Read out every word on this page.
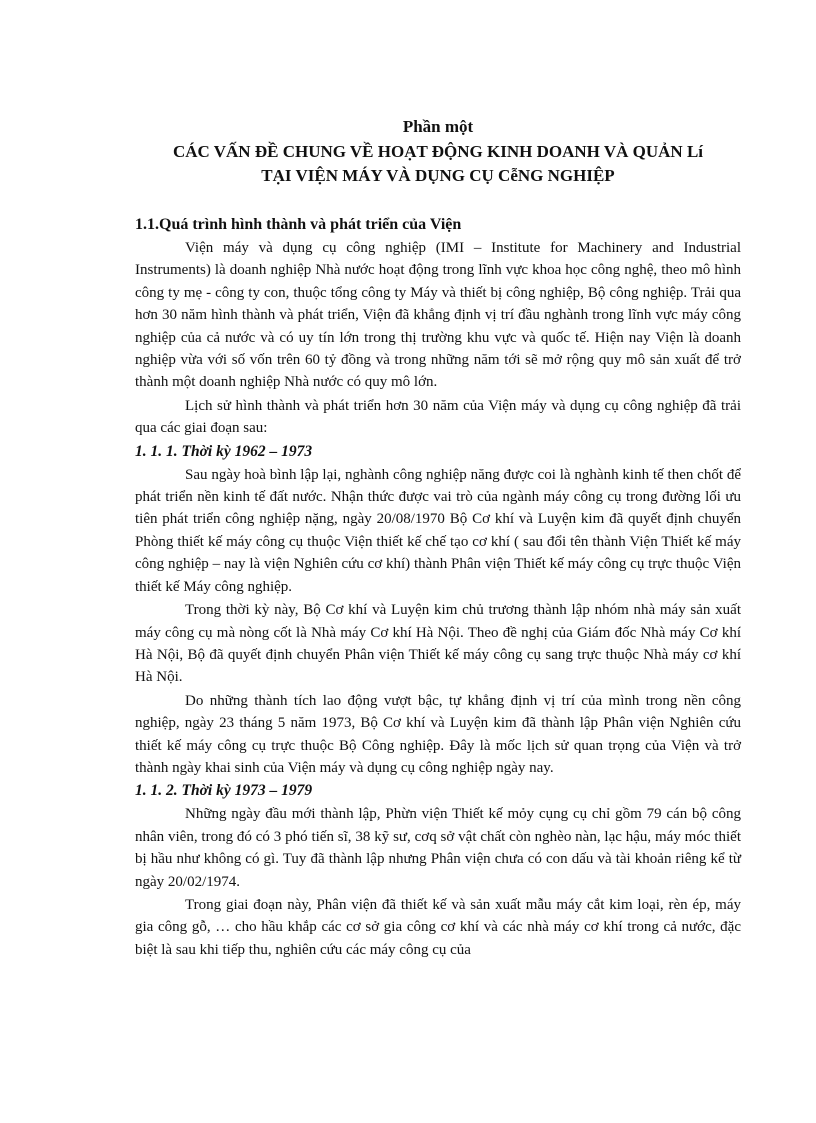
Phần một
CÁC VẤN ĐỀ CHUNG VỀ HOẠT ĐỘNG KINH DOANH VÀ QUẢN Lí
TẠI VIỆN MÁY VÀ DỤNG CỤ CễNG NGHIỆP
1.1.Quá trình hình thành và phát triển của Viện

Viện máy và dụng cụ công nghiệp (IMI – Institute for Machinery and Industrial Instruments) là doanh nghiệp Nhà nước hoạt động trong lĩnh vực khoa học công nghệ, theo mô hình công ty mẹ - công ty con, thuộc tổng công ty Máy và thiết bị công nghiệp, Bộ công nghiệp. Trải qua hơn 30 năm hình thành và phát triển, Viện đã khẳng định vị trí đầu nghành trong lĩnh vực máy công nghiệp của cả nước và có uy tín lớn trong thị trường khu vực và quốc tế. Hiện nay Viện là doanh nghiệp vừa với số vốn trên 60 tỷ đồng và trong những năm tới sẽ mở rộng quy mô sản xuất để trở thành một doanh nghiệp Nhà nước có quy mô lớn.

Lịch sử hình thành và phát triển hơn 30 năm của Viện máy và dụng cụ công nghiệp đã trải qua các giai đoạn sau:

1. 1. 1. Thời kỳ 1962 – 1973

Sau ngày hoà bình lập lại, nghành công nghiệp năng được coi là nghành kinh tế then chốt để phát triển nền kinh tế đất nước. Nhận thức được vai trò của ngành máy công cụ trong đường lối ưu tiên phát triển công nghiệp nặng, ngày 20/08/1970 Bộ Cơ khí và Luyện kim đã quyết định chuyển Phòng thiết kế máy công cụ thuộc Viện thiết kế chế tạo cơ khí ( sau đổi tên thành Viện Thiết kế máy công nghiệp – nay là viện Nghiên cứu cơ khí) thành Phân viện Thiết kế máy công cụ trực thuộc Viện thiết kế Máy công nghiệp.

Trong thời kỳ này, Bộ Cơ khí và Luyện kim chủ trương thành lập nhóm nhà máy sản xuất máy công cụ mà nòng cốt là Nhà máy Cơ khí Hà Nội. Theo đề nghị của Giám đốc Nhà máy Cơ khí Hà Nội, Bộ đã quyết định chuyển Phân viện Thiết kế máy công cụ sang trực thuộc Nhà máy cơ khí Hà Nội.

Do những thành tích lao động vượt bậc, tự khẳng định vị trí của mình trong nền công nghiệp, ngày 23 tháng 5 năm 1973, Bộ Cơ khí và Luyện kim đã thành lập Phân viện Nghiên cứu thiết kế máy công cụ trực thuộc Bộ Công nghiệp. Đây là mốc lịch sử quan trọng của Viện và trở thành ngày khai sinh của Viện máy và dụng cụ công nghiệp ngày nay.

1. 1. 2. Thời kỳ 1973 – 1979

Những ngày đầu mới thành lập, Phừn viện Thiết kế mỏy cụng cụ chỉ gồm 79 cán bộ công nhân viên, trong đó có 3 phó tiến sĩ, 38 kỹ sư, cơq sở vật chất còn nghèo nàn, lạc hậu, máy móc thiết bị hầu như không có gì. Tuy đã thành lập nhưng Phân viện chưa có con dấu và tài khoản riêng kể từ ngày 20/02/1974.

Trong giai đoạn này, Phân viện đã thiết kế và sản xuất mẫu máy cắt kim loại, rèn ép, máy gia công gỗ, … cho hầu khắp các cơ sở gia công cơ khí và các nhà máy cơ khí trong cả nước, đặc biệt là sau khi tiếp thu, nghiên cứu các máy công cụ của
